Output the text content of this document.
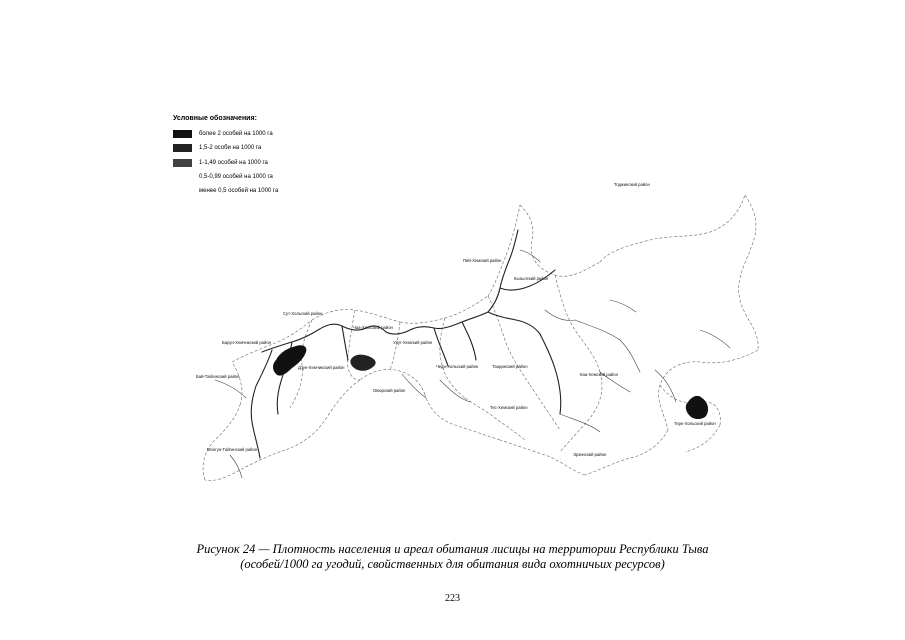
Условные обозначения:
более 2 особей на 1000 га
1,5-2 особи на 1000 га
1-1,49 особей на 1000 га
0,5-0,99 особей на 1000 га
менее 0,5 особей на 1000 га
Тоджинский район
Пий-Хемский район
Кызылский район
Сут-Хольский район
Чаа-Хольский район
Улуг-Хемский район
Барун-Хемчикский район
Дзун-Хемчикский район
Бай-Тайгинский район
Чеди-Хольский район	Тандинский район
Каа-Хемский район
Овюрский район
Тес-Хемский район
Тере-Хольский район
Монгун-Тайгинский район
Эрзинский район
Рисунок 24 — Плотность населения и ареал обитания лисицы на территории Республики Тыва
(особей/1000 га угодий, свойственных для обитания вида охотничьих ресурсов)
223
